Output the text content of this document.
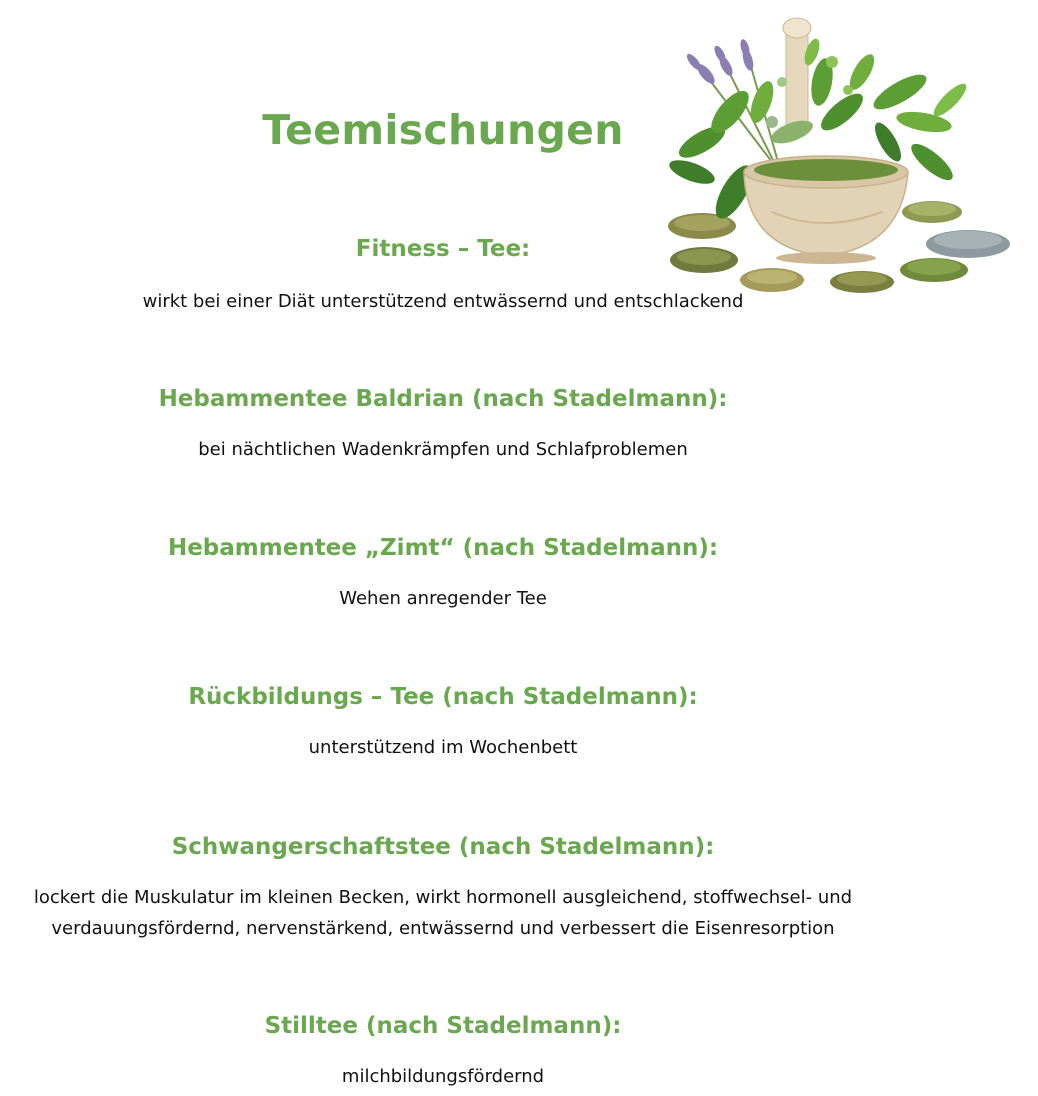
Teemischungen
Fitness – Tee:

wirkt bei einer Diät unterstützend entwässernd und entschlackend

Hebammentee Baldrian (nach Stadelmann):

bei nächtlichen Wadenkrämpfen und Schlafproblemen

Hebammentee „Zimt“ (nach Stadelmann):

Wehen anregender Tee

Rückbildungs – Tee (nach Stadelmann):

unterstützend im Wochenbett

Schwangerschaftstee (nach Stadelmann):

lockert die Muskulatur im kleinen Becken, wirkt hormonell ausgleichend, stoffwechsel- und
verdauungsfördernd, nervenstärkend, entwässernd und verbessert die Eisenresorption

Stilltee (nach Stadelmann):

milchbildungsfördernd
